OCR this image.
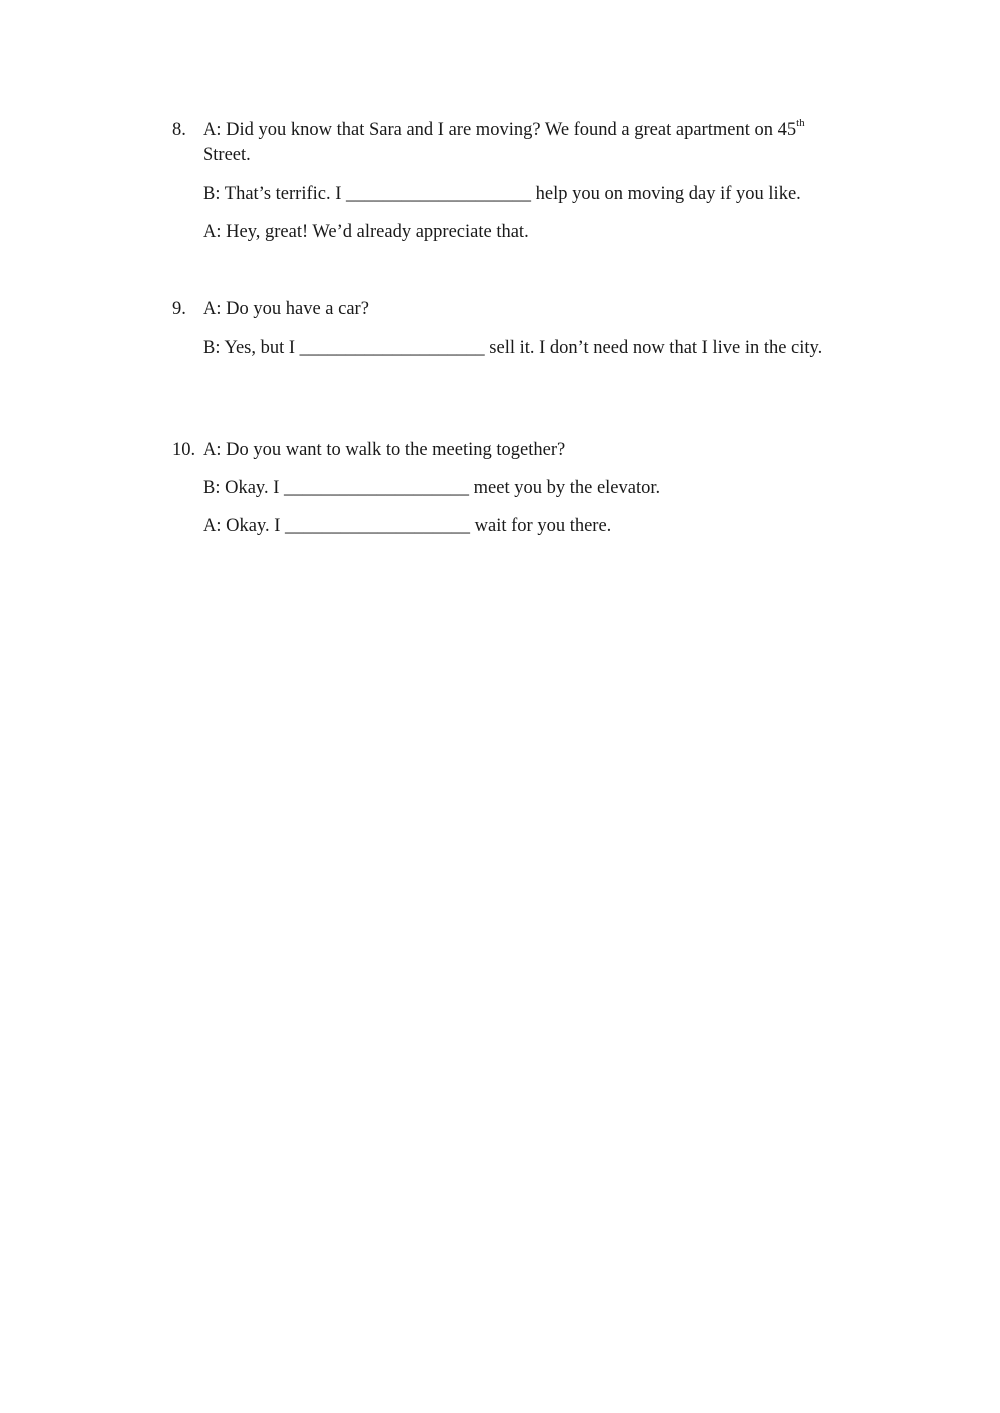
8. A: Did you know that Sara and I are moving? We found a great apartment on 45th Street.
B: That’s terrific. I ____________________ help you on moving day if you like.
A: Hey, great! We’d already appreciate that.
9. A: Do you have a car?
B: Yes, but I ____________________ sell it. I don’t need now that I live in the city.
10. A: Do you want to walk to the meeting together?
B: Okay. I ____________________ meet you by the elevator.
A: Okay. I ____________________ wait for you there.
